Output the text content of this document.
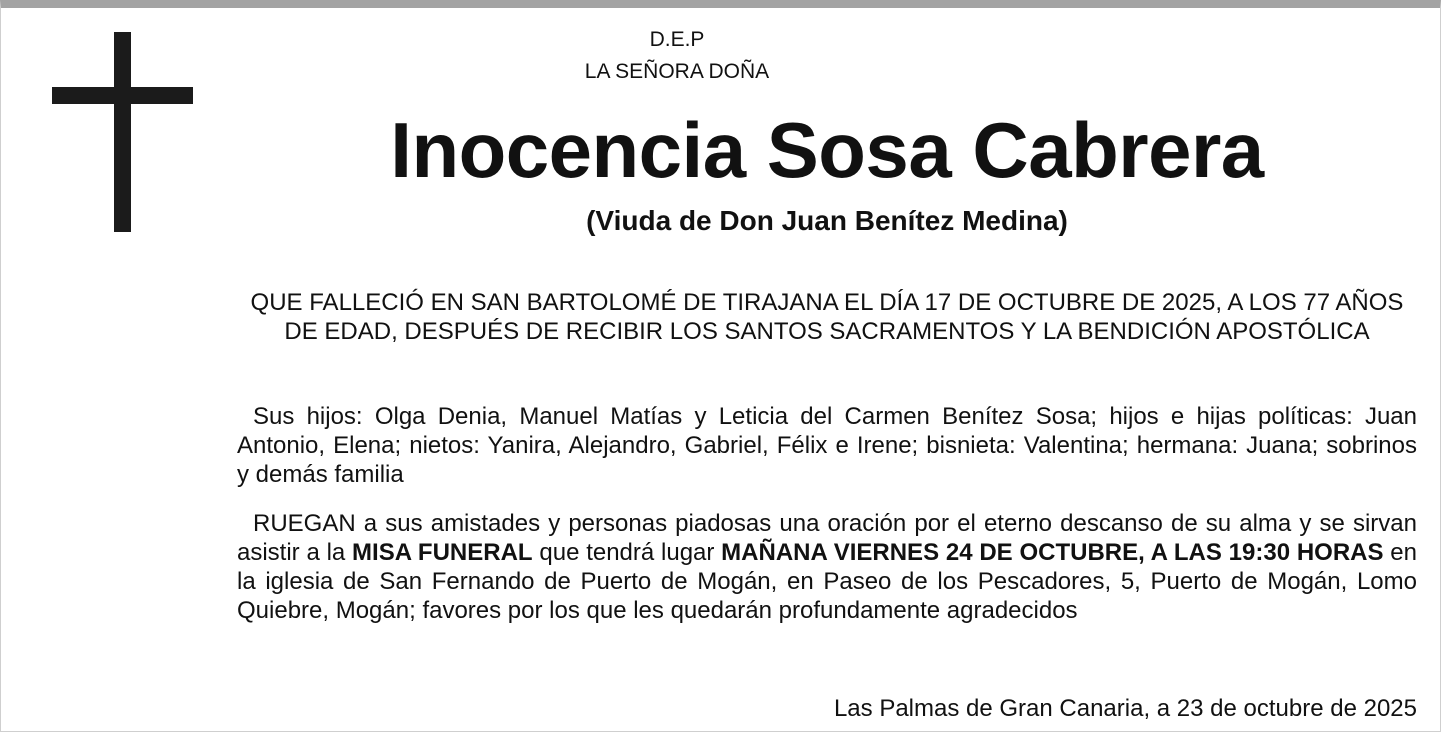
D.E.P
LA SEÑORA DOÑA
Inocencia Sosa Cabrera
(Viuda de Don Juan Benítez Medina)
QUE FALLECIÓ EN SAN BARTOLOMÉ DE TIRAJANA EL DÍA 17 DE OCTUBRE DE 2025, A LOS 77 AÑOS DE EDAD, DESPUÉS DE RECIBIR LOS SANTOS SACRAMENTOS Y LA BENDICIÓN APOSTÓLICA
Sus hijos: Olga Denia, Manuel Matías y Leticia del Carmen Benítez Sosa; hijos e hijas políticas: Juan Antonio, Elena; nietos: Yanira, Alejandro, Gabriel, Félix e Irene; bisnieta: Valentina; hermana: Juana; sobrinos y demás familia
RUEGAN a sus amistades y personas piadosas una oración por el eterno descanso de su alma y se sirvan asistir a la MISA FUNERAL que tendrá lugar MAÑANA VIERNES 24 DE OCTUBRE, A LAS 19:30 HORAS en la iglesia de San Fernando de Puerto de Mogán, en Paseo de los Pescadores, 5, Puerto de Mogán, Lomo Quiebre, Mogán; favores por los que les quedarán profundamente agradecidos
Las Palmas de Gran Canaria, a 23 de octubre de 2025
